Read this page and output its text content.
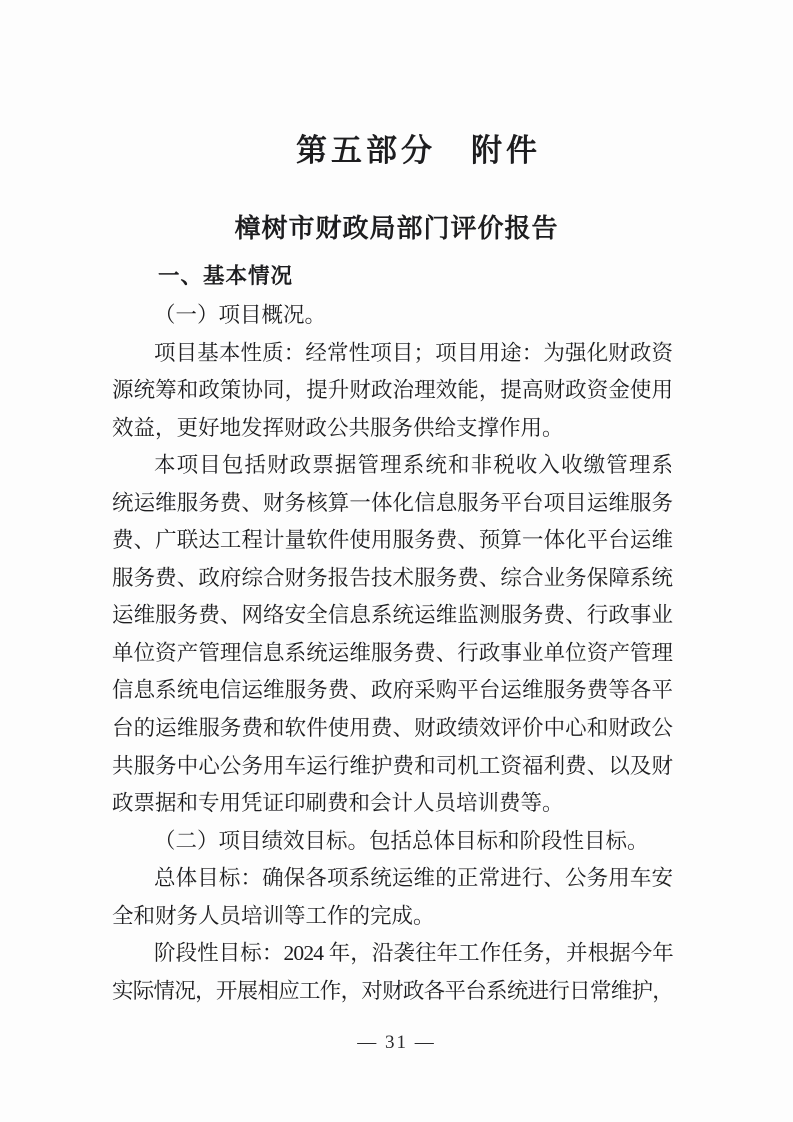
第五部分　附件
樟树市财政局部门评价报告
一、基本情况
（一）项目概况。
项目基本性质：经常性项目；项目用途：为强化财政资
源统筹和政策协同，提升财政治理效能，提高财政资金使用
效益，更好地发挥财政公共服务供给支撑作用。
本项目包括财政票据管理系统和非税收入收缴管理系
统运维服务费、财务核算一体化信息服务平台项目运维服务
费、广联达工程计量软件使用服务费、预算一体化平台运维
服务费、政府综合财务报告技术服务费、综合业务保障系统
运维服务费、网络安全信息系统运维监测服务费、行政事业
单位资产管理信息系统运维服务费、行政事业单位资产管理
信息系统电信运维服务费、政府采购平台运维服务费等各平
台的运维服务费和软件使用费、财政绩效评价中心和财政公
共服务中心公务用车运行维护费和司机工资福利费、以及财
政票据和专用凭证印刷费和会计人员培训费等。
（二）项目绩效目标。包括总体目标和阶段性目标。
总体目标：确保各项系统运维的正常进行、公务用车安
全和财务人员培训等工作的完成。
阶段性目标：2024 年，沿袭往年工作任务，并根据今年
实际情况，开展相应工作，对财政各平台系统进行日常维护，
— 31 —
